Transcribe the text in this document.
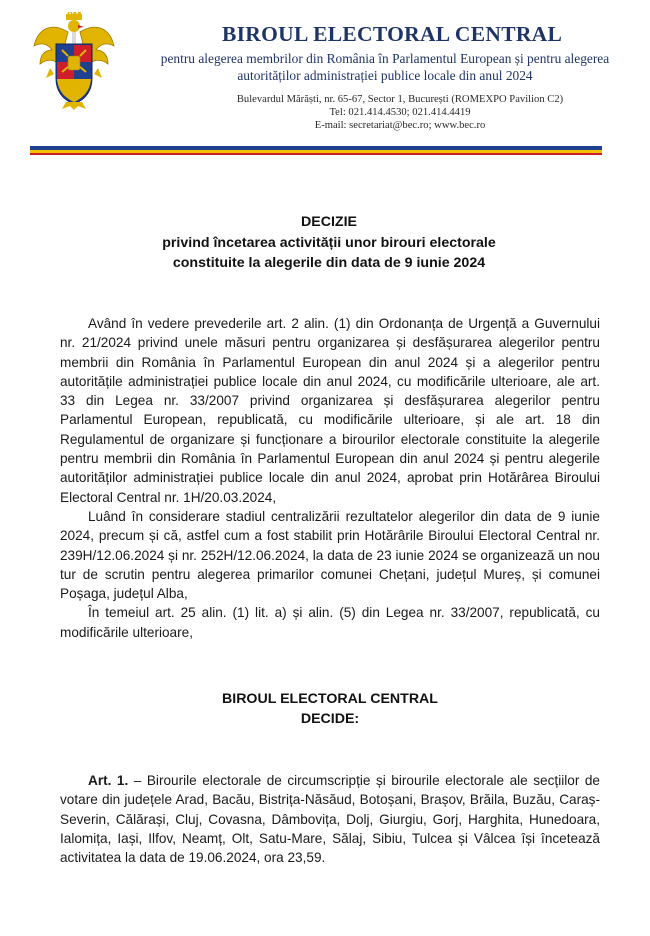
BIROUL ELECTORAL CENTRAL
pentru alegerea membrilor din România în Parlamentul European și pentru alegerea autorităților administrației publice locale din anul 2024
Bulevardul Mărăști, nr. 65-67, Sector 1, București (ROMEXPO Pavilion C2)
Tel: 021.414.4530; 021.414.4419
E-mail: secretariat@bec.ro; www.bec.ro
DECIZIE
privind încetarea activității unor birouri electorale
constituite la alegerile din data de 9 iunie 2024

Având în vedere prevederile art. 2 alin. (1) din Ordonanța de Urgență a Guvernului nr. 21/2024 privind unele măsuri pentru organizarea și desfășurarea alegerilor pentru membrii din România în Parlamentul European din anul 2024 și a alegerilor pentru autoritățile administrației publice locale din anul 2024, cu modificările ulterioare, ale art. 33 din Legea nr. 33/2007 privind organizarea și desfășurarea alegerilor pentru Parlamentul European, republicată, cu modificările ulterioare, și ale art. 18 din Regulamentul de organizare și funcționare a birourilor electorale constituite la alegerile pentru membrii din România în Parlamentul European din anul 2024 și pentru alegerile autorităților administrației publice locale din anul 2024, aprobat prin Hotărârea Biroului Electoral Central nr. 1H/20.03.2024,

Luând în considerare stadiul centralizării rezultatelor alegerilor din data de 9 iunie 2024, precum și că, astfel cum a fost stabilit prin Hotărârile Biroului Electoral Central nr. 239H/12.06.2024 și nr. 252H/12.06.2024, la data de 23 iunie 2024 se organizează un nou tur de scrutin pentru alegerea primarilor comunei Chețani, județul Mureș, și comunei Poșaga, județul Alba,

În temeiul art. 25 alin. (1) lit. a) și alin. (5) din Legea nr. 33/2007, republicată, cu modificările ulterioare,

BIROUL ELECTORAL CENTRAL
DECIDE:

Art. 1. – Birourile electorale de circumscripție și birourile electorale ale secțiilor de votare din județele Arad, Bacău, Bistrița-Năsăud, Botoșani, Brașov, Brăila, Buzău, Caraș-Severin, Călărași, Cluj, Covasna, Dâmbovița, Dolj, Giurgiu, Gorj, Harghita, Hunedoara, Ialomița, Iași, Ilfov, Neamț, Olt, Satu-Mare, Sălaj, Sibiu, Tulcea și Vâlcea își încetează activitatea la data de 19.06.2024, ora 23,59.
